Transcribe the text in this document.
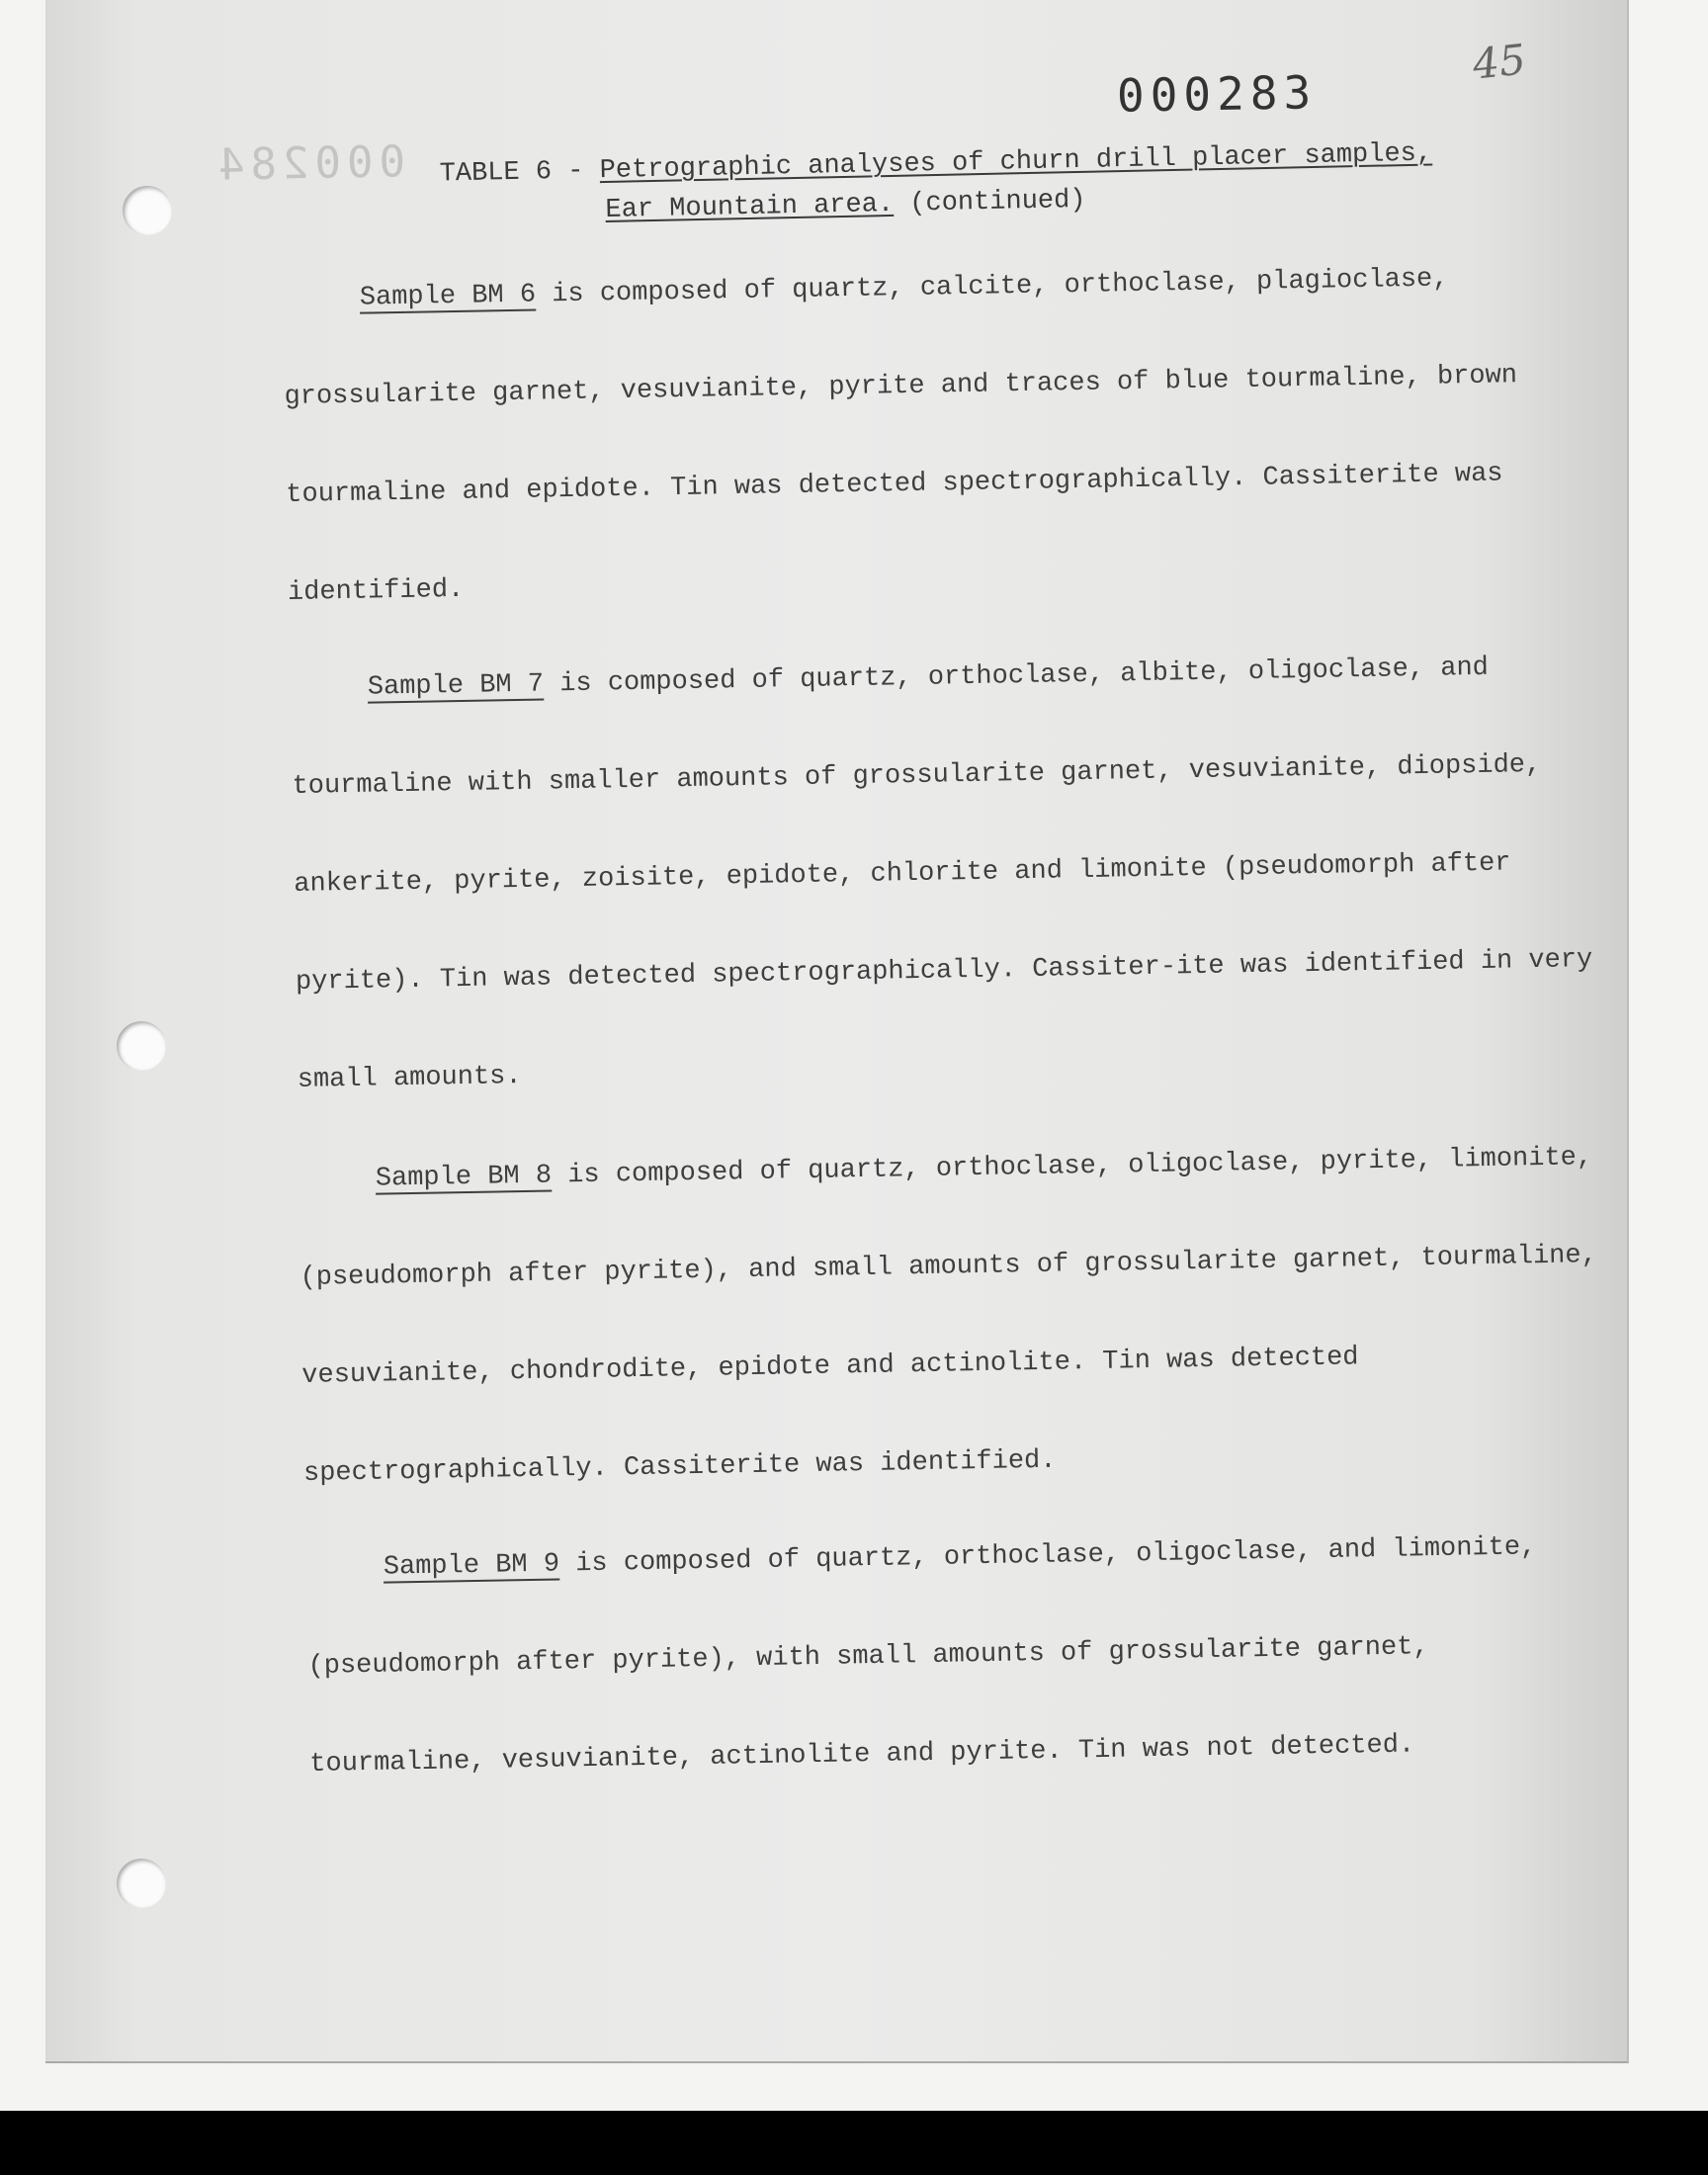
000284
000283
45
TABLE 6 - Petrographic analyses of churn drill placer samples,
Ear Mountain area. (continued)
Sample BM 6 is composed of quartz, calcite, orthoclase, plagioclase, grossularite garnet, vesuvianite, pyrite and traces of blue tourmaline, brown tourmaline and epidote. Tin was detected spectrographically. Cassiterite was identified.
Sample BM 7 is composed of quartz, orthoclase, albite, oligoclase, and tourmaline with smaller amounts of grossularite garnet, vesuvianite, diopside, ankerite, pyrite, zoisite, epidote, chlorite and limonite (pseudomorph after pyrite). Tin was detected spectrographically. Cassiter-ite was identified in very small amounts.
Sample BM 8 is composed of quartz, orthoclase, oligoclase, pyrite, limonite, (pseudomorph after pyrite), and small amounts of grossularite garnet, tourmaline, vesuvianite, chondrodite, epidote and actinolite. Tin was detected spectrographically. Cassiterite was identified.
Sample BM 9 is composed of quartz, orthoclase, oligoclase, and limonite, (pseudomorph after pyrite), with small amounts of grossularite garnet, tourmaline, vesuvianite, actinolite and pyrite. Tin was not detected.
